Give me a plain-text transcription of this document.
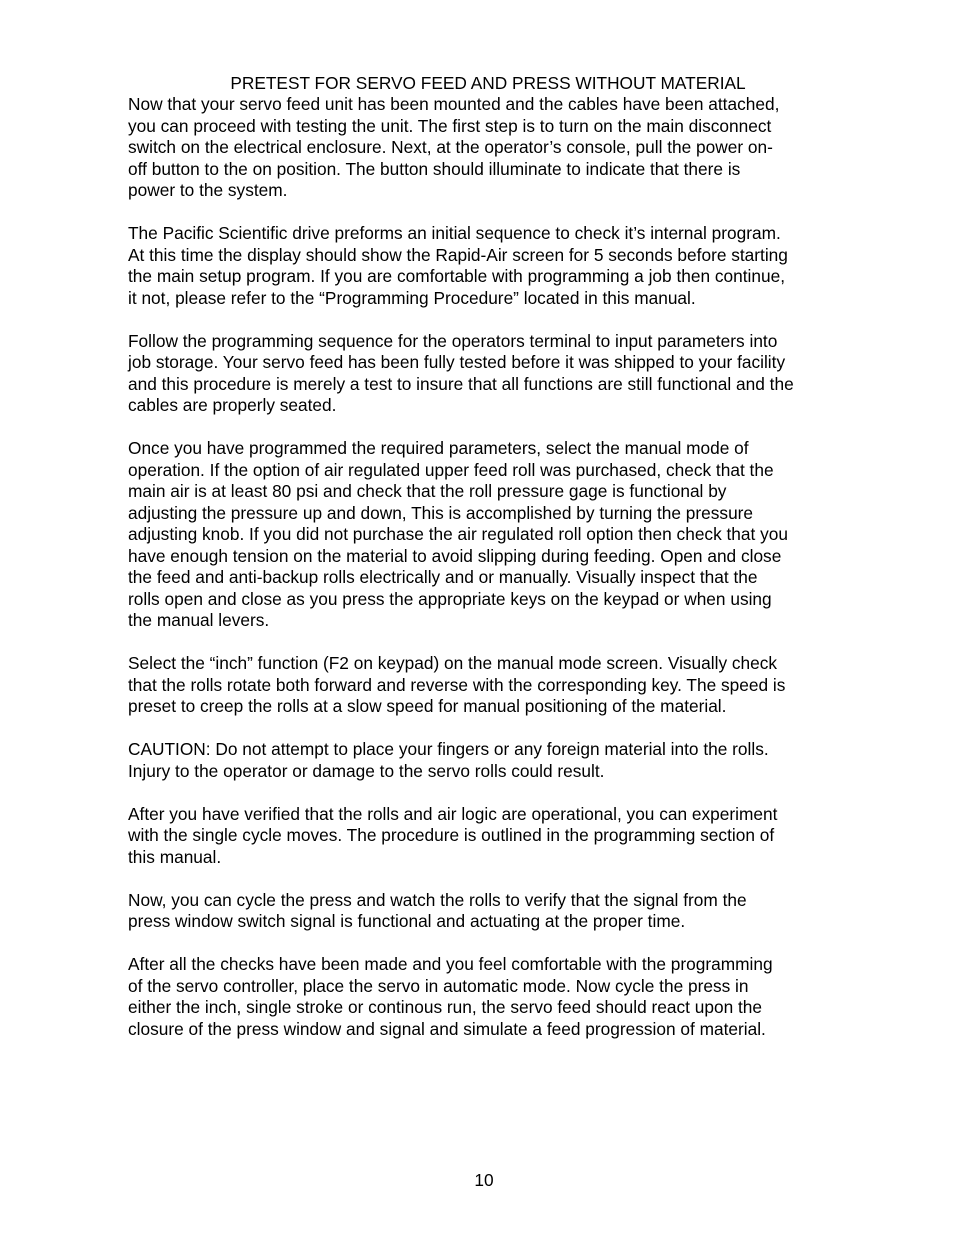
PRETEST FOR SERVO FEED AND PRESS WITHOUT MATERIAL

Now that your servo feed unit has been mounted and the cables have been attached,
you can proceed with testing the unit. The first step is to turn on the main disconnect
switch on the electrical enclosure. Next, at the operator’s console, pull the power on-
off button to the on position. The button should illuminate to indicate that there is
power to the system.

The Pacific Scientific drive preforms an initial sequence to check it’s internal program.
At this time the display should show the Rapid-Air screen for 5 seconds before starting
the main setup program. If you are comfortable with programming a job then continue,
it not, please refer to the “Programming Procedure” located in this manual.

Follow the programming sequence for the operators terminal to input parameters into
job storage. Your servo feed has been fully tested before it was shipped to your facility
and this procedure is merely a test to insure that all functions are still functional and the
cables are properly seated.

Once you have programmed the required parameters, select the manual mode of
operation. If the option of air regulated upper feed roll was purchased, check that the
main air is at least 80 psi and check that the roll pressure gage is functional by
adjusting the pressure up and down, This is accomplished by turning the pressure
adjusting knob. If you did not purchase the air regulated roll option then check that you
have enough tension on the material to avoid slipping during feeding. Open and close
the feed and anti-backup rolls electrically and or manually. Visually inspect that the
rolls open and close as you press the appropriate keys on the keypad or when using
the manual levers.

Select the “inch” function (F2 on keypad) on the manual mode screen. Visually check
that the rolls rotate both forward and reverse with the corresponding key. The speed is
preset to creep the rolls at a slow speed for manual positioning of the material.

CAUTION: Do not attempt to place your fingers or any foreign material into the rolls.
Injury to the operator or damage to the servo rolls could result.

After you have verified that the rolls and air logic are operational, you can experiment
with the single cycle moves. The procedure is outlined in the programming section of
this manual.

Now, you can cycle the press and watch the rolls to verify that the signal from the
press window switch signal is functional and actuating at the proper time.

After all the checks have been made and you feel comfortable with the programming
of the servo controller, place the servo in automatic mode. Now cycle the press in
either the inch, single stroke or continous run, the servo feed should react upon the
closure of the press window and signal and simulate a feed progression of material.

10
